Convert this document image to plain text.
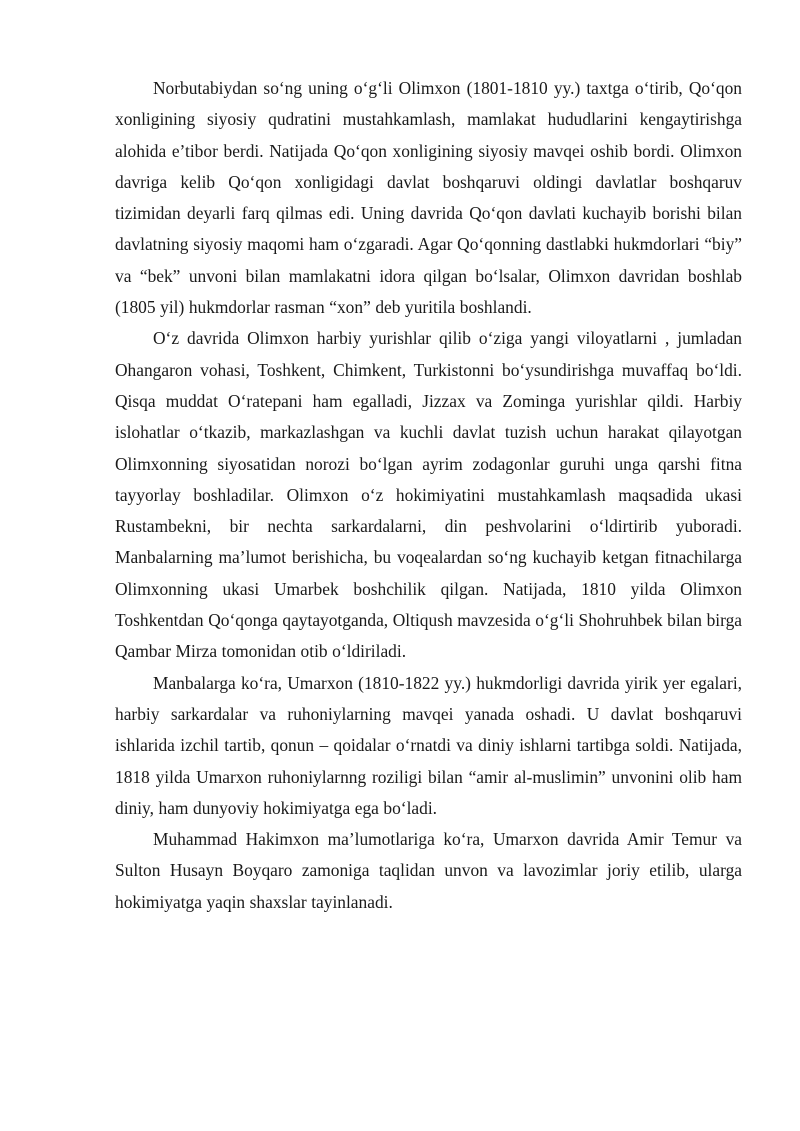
Norbutabiydan so‘ng uning o‘g‘li Olimxon (1801-1810 yy.) taxtga o‘tirib, Qo‘qon xonligining siyosiy qudratini mustahkamlash, mamlakat hududlarini kengaytirishga alohida e’tibor berdi. Natijada Qo‘qon xonligining siyosiy mavqei oshib bordi. Olimxon davriga kelib Qo‘qon xonligidagi davlat boshqaruvi oldingi davlatlar boshqaruv tizimidan deyarli farq qilmas edi. Uning davrida Qo‘qon davlati kuchayib borishi bilan davlatning siyosiy maqomi ham o‘zgaradi. Agar Qo‘qonning dastlabki hukmdorlari “biy” va “bek” unvoni bilan mamlakatni idora qilgan bo‘lsalar, Olimxon davridan boshlab (1805 yil) hukmdorlar rasman “xon” deb yuritila boshlandi.

O‘z davrida Olimxon harbiy yurishlar qilib o‘ziga yangi viloyatlarni , jumladan Ohangaron vohasi, Toshkent, Chimkent, Turkistonni bo‘ysundirishga muvaffaq bo‘ldi. Qisqa muddat O‘ratepani ham egalladi, Jizzax va Zominga yurishlar qildi. Harbiy islohatlar o‘tkazib, markazlashgan va kuchli davlat tuzish uchun harakat qilayotgan Olimxonning siyosatidan norozi bo‘lgan ayrim zodagonlar guruhi unga qarshi fitna tayyorlay boshladilar. Olimxon o‘z hokimiyatini mustahkamlash maqsadida ukasi Rustambekni, bir nechta sarkardalarni, din peshvolarini o‘ldirtirib yuboradi. Manbalarning ma’lumot berishicha, bu voqealardan so‘ng kuchayib ketgan fitnachilarga Olimxonning ukasi Umarbek boshchilik qilgan. Natijada, 1810 yilda Olimxon Toshkentdan Qo‘qonga qaytayotganda, Oltiqush mavzesida o‘g‘li Shohruhbek bilan birga Qambar Mirza tomonidan otib o‘ldiriladi.

Manbalarga ko‘ra, Umarxon (1810-1822 yy.) hukmdorligi davrida yirik yer egalari, harbiy sarkardalar va ruhoniylarning mavqei yanada oshadi. U davlat boshqaruvi ishlarida izchil tartib, qonun – qoidalar o‘rnatdi va diniy ishlarni tartibga soldi. Natijada, 1818 yilda Umarxon ruhoniylarnng roziligi bilan “amir al-muslimin” unvonini olib ham diniy, ham dunyoviy hokimiyatga ega bo‘ladi.

Muhammad Hakimxon ma’lumotlariga ko‘ra, Umarxon davrida Amir Temur va Sulton Husayn Boyqaro zamoniga taqlidan unvon va lavozimlar joriy etilib, ularga hokimiyatga yaqin shaxslar tayinlanadi.
